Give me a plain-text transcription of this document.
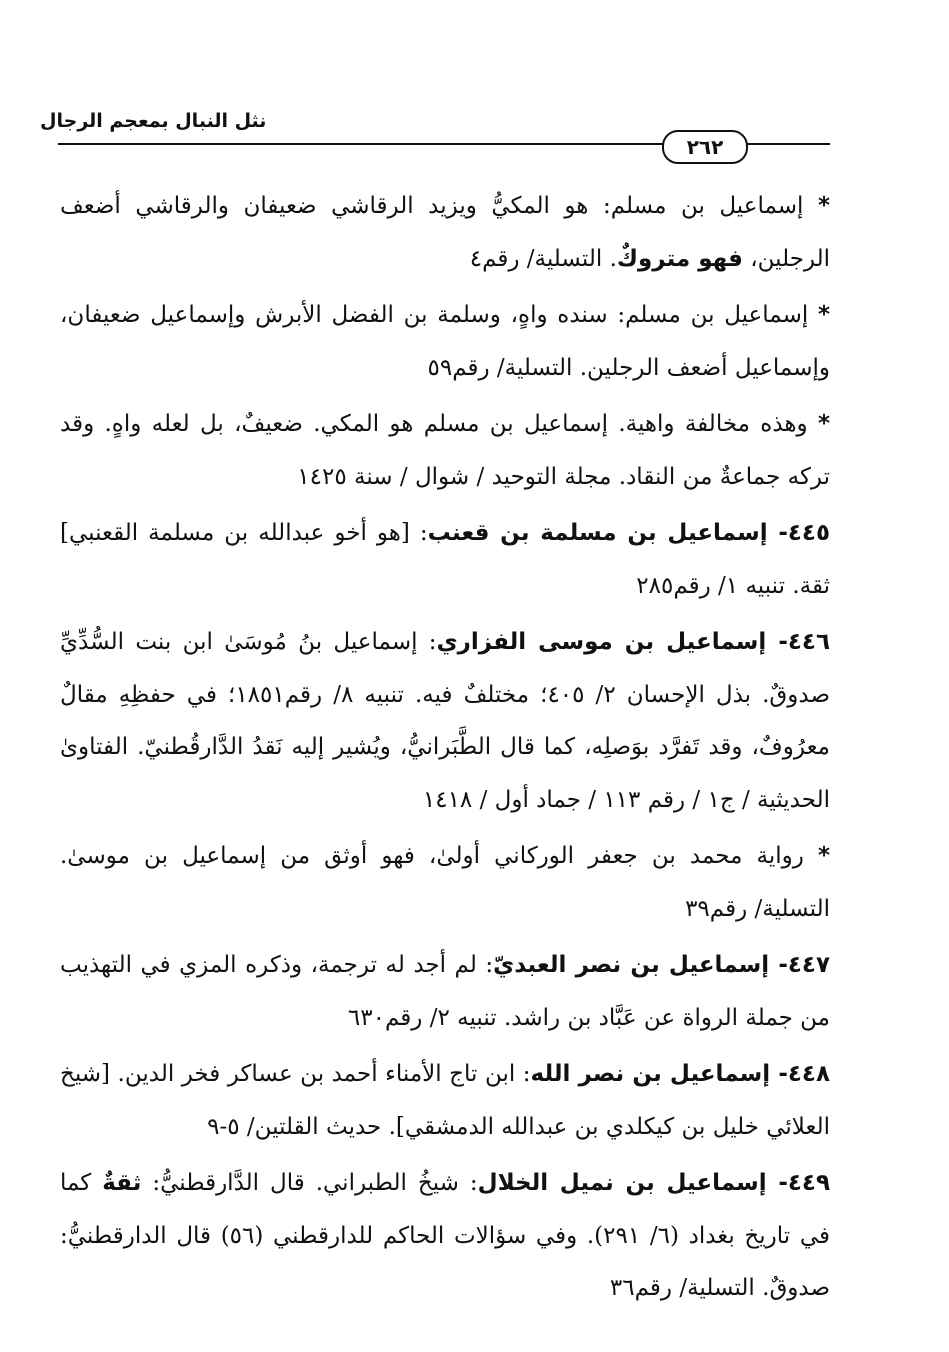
نثل النبال بمعجم الرجال
٢٦٢

* إسماعيل بن مسلم: هو المكيُّ ويزيد الرقاشي ضعيفان والرقاشي أضعف الرجلين، فهو متروكٌ. التسلية/ رقم٤

* إسماعيل بن مسلم: سنده واهٍ، وسلمة بن الفضل الأبرش وإسماعيل ضعيفان، وإسماعيل أضعف الرجلين. التسلية/ رقم٥٩

* وهذه مخالفة واهية. إسماعيل بن مسلم هو المكي. ضعيفٌ، بل لعله واهٍ. وقد تركه جماعةٌ من النقاد. مجلة التوحيد / شوال / سنة ١٤٢٥

٤٤٥- إسماعيل بن مسلمة بن قعنب: [هو أخو عبدالله بن مسلمة القعنبي] ثقة. تنبيه ١/ رقم٢٨٥

٤٤٦- إسماعيل بن موسى الفزاري: إسماعيل بنُ مُوسَىٰ ابن بنت السُّدِّيِّ صدوقٌ. بذل الإحسان ٢/ ٤٠٥؛ مختلفٌ فيه. تنبيه ٨/ رقم١٨٥١؛ في حفظِهِ مقالٌ معرُوفٌ، وقد تَفرَّد بوَصلِه، كما قال الطَّبَرانيُّ، ويُشير إليه نَقدُ الدَّارقُطنيّ. الفتاوىٰ الحديثية / ج١ / رقم ١١٣ / جماد أول / ١٤١٨

* رواية محمد بن جعفر الوركاني أولىٰ، فهو أوثق من إسماعيل بن موسىٰ. التسلية/ رقم٣٩

٤٤٧- إسماعيل بن نصر العبديّ: لم أجد له ترجمة، وذكره المزي في التهذيب من جملة الرواة عن عَبَّاد بن راشد. تنبيه ٢/ رقم٦٣٠

٤٤٨- إسماعيل بن نصر الله: ابن تاج الأمناء أحمد بن عساكر فخر الدين. [شيخ العلائي خليل بن كيكلدي بن عبدالله الدمشقي]. حديث القلتين/ ٥-٩

٤٤٩- إسماعيل بن نميل الخلال: شيخُ الطبراني. قال الدَّارقطنيُّ: ثقةٌ كما في تاريخ بغداد (٦/ ٢٩١). وفي سؤالات الحاكم للدارقطني (٥٦) قال الدارقطنيُّ: صدوقٌ. التسلية/ رقم٣٦
